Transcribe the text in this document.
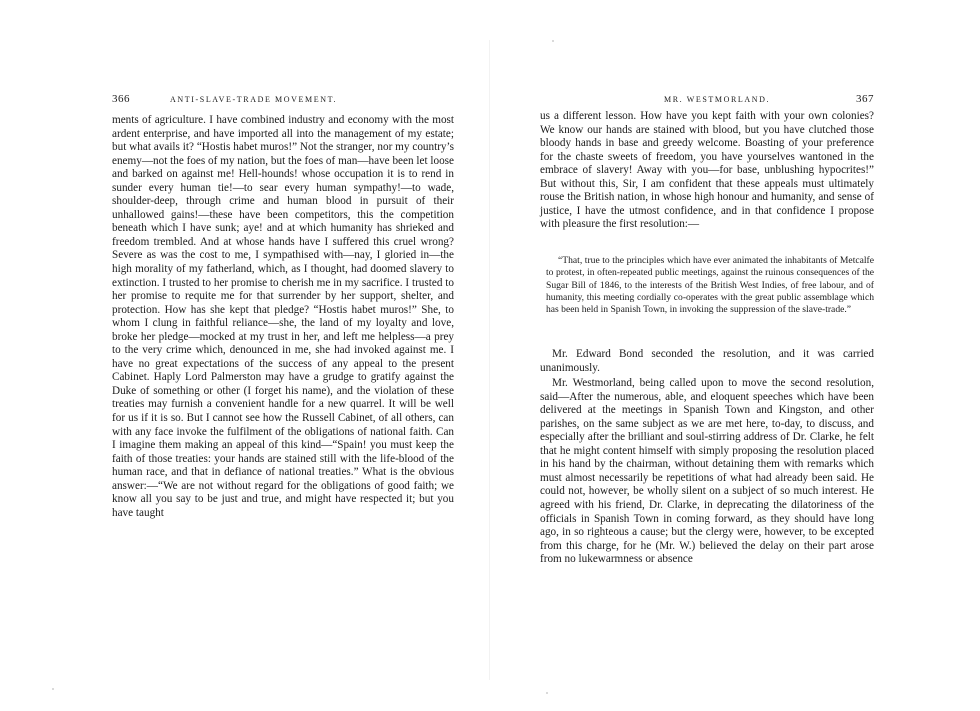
366	ANTI-SLAVE-TRADE MOVEMENT.

ments of agriculture. I have combined industry and economy with the most ardent enterprise, and have imported all into the management of my estate; but what avails it? “Hostis habet muros!” Not the stranger, nor my country’s enemy—not the foes of my nation, but the foes of man—have been let loose and barked on against me! Hell-hounds! whose occupation it is to rend in sunder every human tie!—to sear every human sympathy!—to wade, shoulder-deep, through crime and human blood in pursuit of their unhallowed gains!—these have been competitors, this the competition beneath which I have sunk; aye! and at which humanity has shrieked and freedom trembled. And at whose hands have I suffered this cruel wrong? Severe as was the cost to me, I sympathised with—nay, I gloried in—the high morality of my fatherland, which, as I thought, had doomed slavery to extinction. I trusted to her promise to cherish me in my sacrifice. I trusted to her promise to requite me for that surrender by her support, shelter, and protection. How has she kept that pledge? “Hostis habet muros!” She, to whom I clung in faithful reliance—she, the land of my loyalty and love, broke her pledge—mocked at my trust in her, and left me helpless—a prey to the very crime which, denounced in me, she had invoked against me. I have no great expectations of the success of any appeal to the present Cabinet. Haply Lord Palmerston may have a grudge to gratify against the Duke of something or other (I forget his name), and the violation of these treaties may furnish a convenient handle for a new quarrel. It will be well for us if it is so. But I cannot see how the Russell Cabinet, of all others, can with any face invoke the fulfilment of the obligations of national faith. Can I imagine them making an appeal of this kind—“Spain! you must keep the faith of those treaties: your hands are stained still with the life-blood of the human race, and that in defiance of national treaties.” What is the obvious answer:—“We are not without regard for the obligations of good faith; we know all you say to be just and true, and might have respected it; but you have taught

MR. WESTMORLAND.	367

us a different lesson. How have you kept faith with your own colonies? We know our hands are stained with blood, but you have clutched those bloody hands in base and greedy welcome. Boasting of your preference for the chaste sweets of freedom, you have yourselves wantoned in the embrace of slavery! Away with you—for base, unblushing hypocrites!” But without this, Sir, I am confident that these appeals must ultimately rouse the British nation, in whose high honour and humanity, and sense of justice, I have the utmost confidence, and in that confidence I propose with pleasure the first resolution:—

“That, true to the principles which have ever animated the inhabitants of Metcalfe to protest, in often-repeated public meetings, against the ruinous consequences of the Sugar Bill of 1846, to the interests of the British West Indies, of free labour, and of humanity, this meeting cordially co-operates with the great public assemblage which has been held in Spanish Town, in invoking the suppression of the slave-trade.”

Mr. Edward Bond seconded the resolution, and it was carried unanimously.

Mr. Westmorland, being called upon to move the second resolution, said—After the numerous, able, and eloquent speeches which have been delivered at the meetings in Spanish Town and Kingston, and other parishes, on the same subject as we are met here, to-day, to discuss, and especially after the brilliant and soul-stirring address of Dr. Clarke, he felt that he might content himself with simply proposing the resolution placed in his hand by the chairman, without detaining them with remarks which must almost necessarily be repetitions of what had already been said. He could not, however, be wholly silent on a subject of so much interest. He agreed with his friend, Dr. Clarke, in deprecating the dilatoriness of the officials in Spanish Town in coming forward, as they should have long ago, in so righteous a cause; but the clergy were, however, to be excepted from this charge, for he (Mr. W.) believed the delay on their part arose from no lukewarmness or absence
